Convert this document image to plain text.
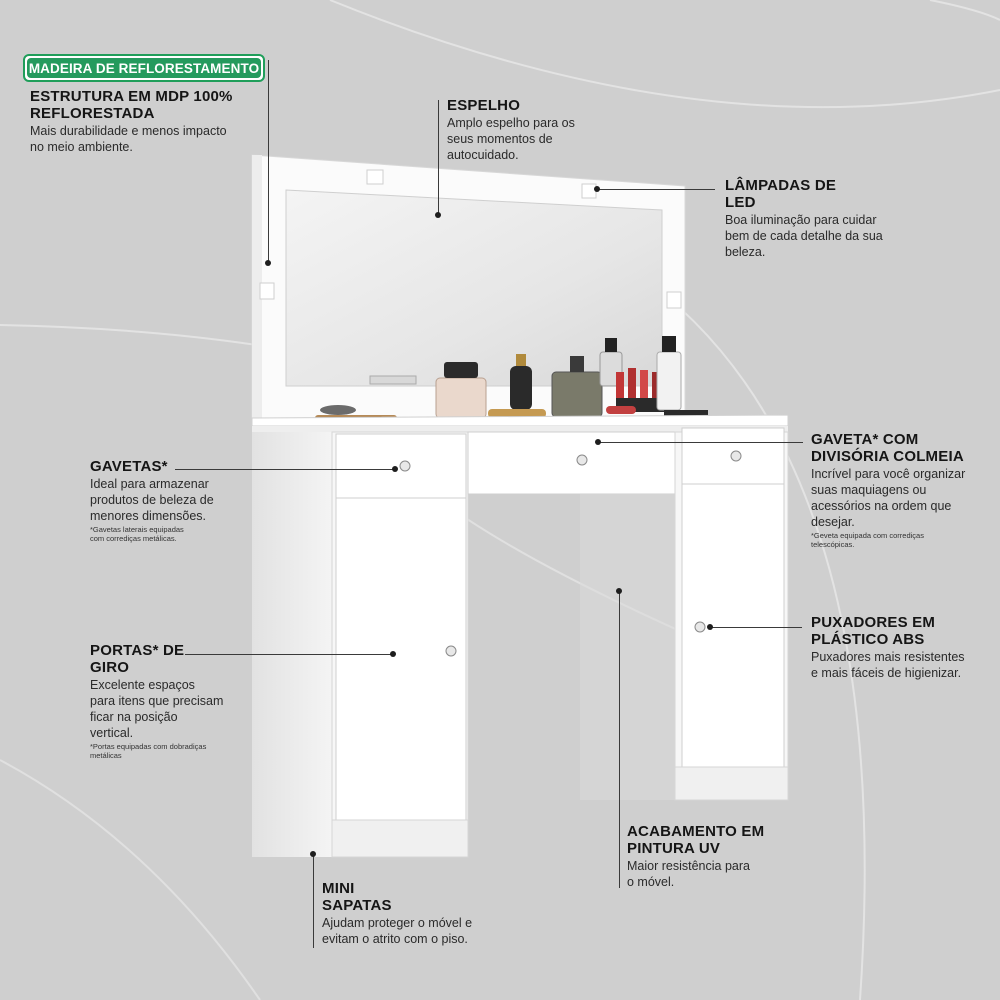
MADEIRA DE REFLORESTAMENTO
ESTRUTURA EM MDP 100%
REFLORESTADA
Mais durabilidade e menos impacto
no meio ambiente.
ESPELHO
Amplo espelho para os
seus momentos de
autocuidado.
LÂMPADAS DE
LED
Boa iluminação para cuidar
bem de cada detalhe da sua
beleza.
GAVETAS*
Ideal para armazenar
produtos de beleza de
menores dimensões.
*Gavetas laterais equipadas
com corrediças metálicas.
GAVETA* COM
DIVISÓRIA COLMEIA
Incrível para você organizar
suas maquiagens ou
acessórios na ordem que
desejar.
*Geveta equipada com corrediças
telescópicas.
PORTAS* DE
GIRO
Excelente espaços
para itens que precisam
ficar na posição
vertical.
*Portas equipadas com dobradiças
metálicas
PUXADORES EM
PLÁSTICO ABS
Puxadores mais resistentes
e mais fáceis de higienizar.
ACABAMENTO EM
PINTURA UV
Maior resistência para
o móvel.
MINI
SAPATAS
Ajudam proteger o móvel e
evitam o atrito com o piso.
